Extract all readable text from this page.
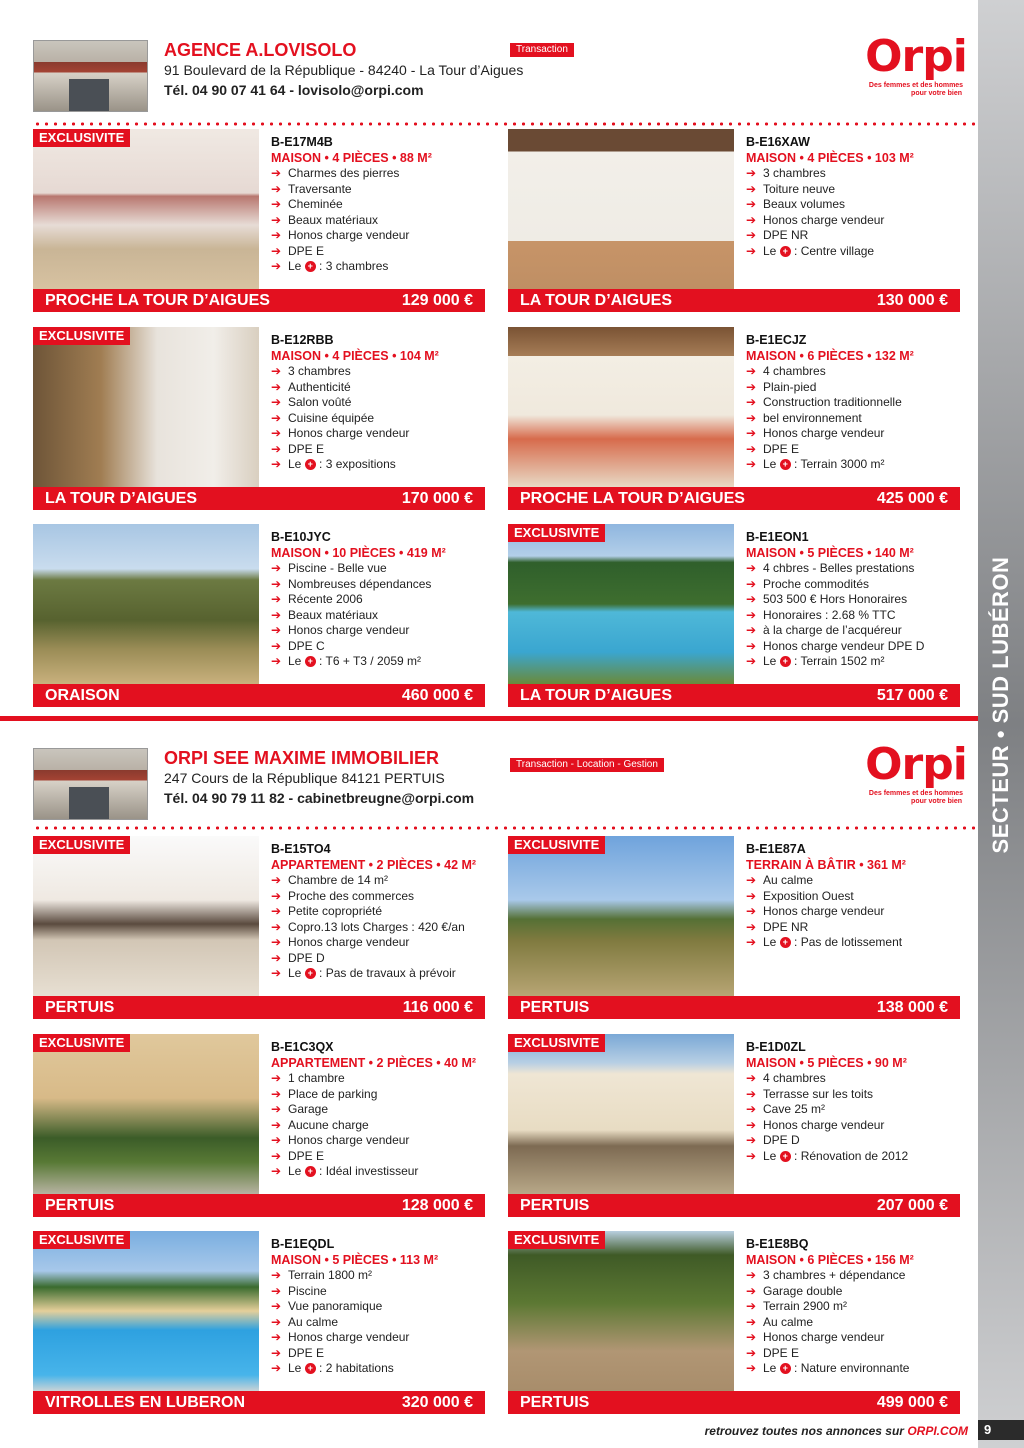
SECTEUR • SUD LUBÉRON
AGENCE A.LOVISOLO
91 Boulevard de la République - 84240 - La Tour d’Aigues
Tél. 04 90 07 41 64 - lovisolo@orpi.com
Transaction	Orpi
Des femmes et des hommes
pour votre bien
ORPI SEE MAXIME IMMOBILIER
247 Cours de la République 84121 PERTUIS
Tél. 04 90 79 11 82 - cabinetbreugne@orpi.com
Transaction - Location - Gestion	Orpi
Des femmes et des hommes
pour votre bien
retrouvez toutes nos annonces sur ORPI.COM	9
EXCLUSIVITE	B-E17M4B
MAISON • 4 PIÈCES • 88 M²
➔ Charmes des pierres
➔ Traversante
➔ Cheminée
➔ Beaux matériaux
➔ Honos charge vendeur
➔ DPE E
➔ Le + : 3 chambres
PROCHE LA TOUR D’AIGUES	129 000 €
B-E16XAW
MAISON • 4 PIÈCES • 103 M²
➔ 3 chambres
➔ Toiture neuve
➔ Beaux volumes
➔ Honos charge vendeur
➔ DPE NR
➔ Le + : Centre village
LA TOUR D’AIGUES	130 000 €
EXCLUSIVITE	B-E12RBB
MAISON • 4 PIÈCES • 104 M²
➔ 3 chambres
➔ Authenticité
➔ Salon voûté
➔ Cuisine équipée
➔ Honos charge vendeur
➔ DPE E
➔ Le + : 3 expositions
LA TOUR D’AIGUES	170 000 €
B-E1ECJZ
MAISON • 6 PIÈCES • 132 M²
➔ 4 chambres
➔ Plain-pied
➔ Construction traditionnelle
➔ bel environnement
➔ Honos charge vendeur
➔ DPE E
➔ Le + : Terrain 3000 m²
PROCHE LA TOUR D’AIGUES	425 000 €
B-E10JYC
MAISON • 10 PIÈCES • 419 M²
➔ Piscine - Belle vue
➔ Nombreuses dépendances
➔ Récente 2006
➔ Beaux matériaux
➔ Honos charge vendeur
➔ DPE C
➔ Le + : T6 + T3 / 2059 m²
ORAISON	460 000 €
EXCLUSIVITE	B-E1EON1
MAISON • 5 PIÈCES • 140 M²
➔ 4 chbres - Belles prestations
➔ Proche commodités
➔ 503 500 € Hors Honoraires
➔ Honoraires : 2.68 % TTC
➔ à la charge de l’acquéreur
➔ Honos charge vendeur DPE D
➔ Le + : Terrain 1502 m²
LA TOUR D’AIGUES	517 000 €
EXCLUSIVITE	B-E15TO4
APPARTEMENT • 2 PIÈCES • 42 M²
➔ Chambre de 14 m²
➔ Proche des commerces
➔ Petite copropriété
➔ Copro.13 lots Charges : 420 €/an
➔ Honos charge vendeur
➔ DPE D
➔ Le + : Pas de travaux à prévoir
PERTUIS	116 000 €
EXCLUSIVITE	B-E1E87A
TERRAIN À BÂTIR • 361 M²
➔ Au calme
➔ Exposition Ouest
➔ Honos charge vendeur
➔ DPE NR
➔ Le + : Pas de lotissement
PERTUIS	138 000 €
EXCLUSIVITE	B-E1C3QX
APPARTEMENT • 2 PIÈCES • 40 M²
➔ 1 chambre
➔ Place de parking
➔ Garage
➔ Aucune charge
➔ Honos charge vendeur
➔ DPE E
➔ Le + : Idéal investisseur
PERTUIS	128 000 €
EXCLUSIVITE	B-E1D0ZL
MAISON • 5 PIÈCES • 90 M²
➔ 4 chambres
➔ Terrasse sur les toits
➔ Cave 25 m²
➔ Honos charge vendeur
➔ DPE D
➔ Le + : Rénovation de 2012
PERTUIS	207 000 €
EXCLUSIVITE	B-E1EQDL
MAISON • 5 PIÈCES • 113 M²
➔ Terrain 1800 m²
➔ Piscine
➔ Vue panoramique
➔ Au calme
➔ Honos charge vendeur
➔ DPE E
➔ Le + : 2 habitations
VITROLLES EN LUBERON	320 000 €
EXCLUSIVITE	B-E1E8BQ
MAISON • 6 PIÈCES • 156 M²
➔ 3 chambres + dépendance
➔ Garage double
➔ Terrain 2900 m²
➔ Au calme
➔ Honos charge vendeur
➔ DPE E
➔ Le + : Nature environnante
PERTUIS	499 000 €
